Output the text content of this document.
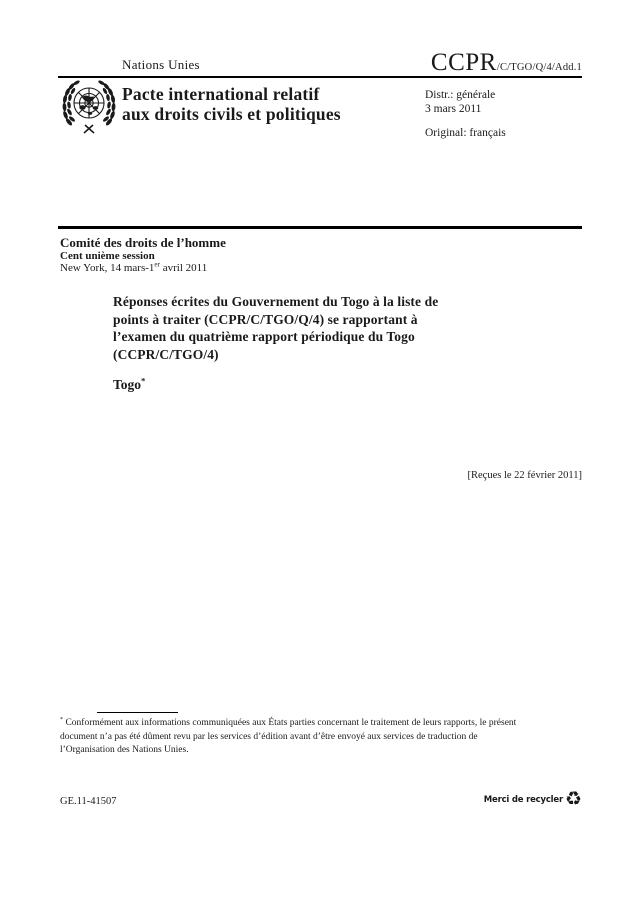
Nations Unies	CCPR/C/TGO/Q/4/Add.1
Pacte international relatif
aux droits civils et politiques
Distr.: générale
3 mars 2011
Original: français
Comité des droits de l’homme
Cent unième session
New York, 14 mars-1er avril 2011
Réponses écrites du Gouvernement du Togo à la liste de
points à traiter (CCPR/C/TGO/Q/4) se rapportant à
l’examen du quatrième rapport périodique du Togo
(CCPR/C/TGO/4)
Togo*
[Reçues le 22 février 2011]
* Conformément aux informations communiquées aux États parties concernant le traitement de leurs rapports, le présent document n’a pas été dûment revu par les services d’édition avant d’être envoyé aux services de traduction de l’Organisation des Nations Unies.
GE.11-41507	Merci de recycler ♻
